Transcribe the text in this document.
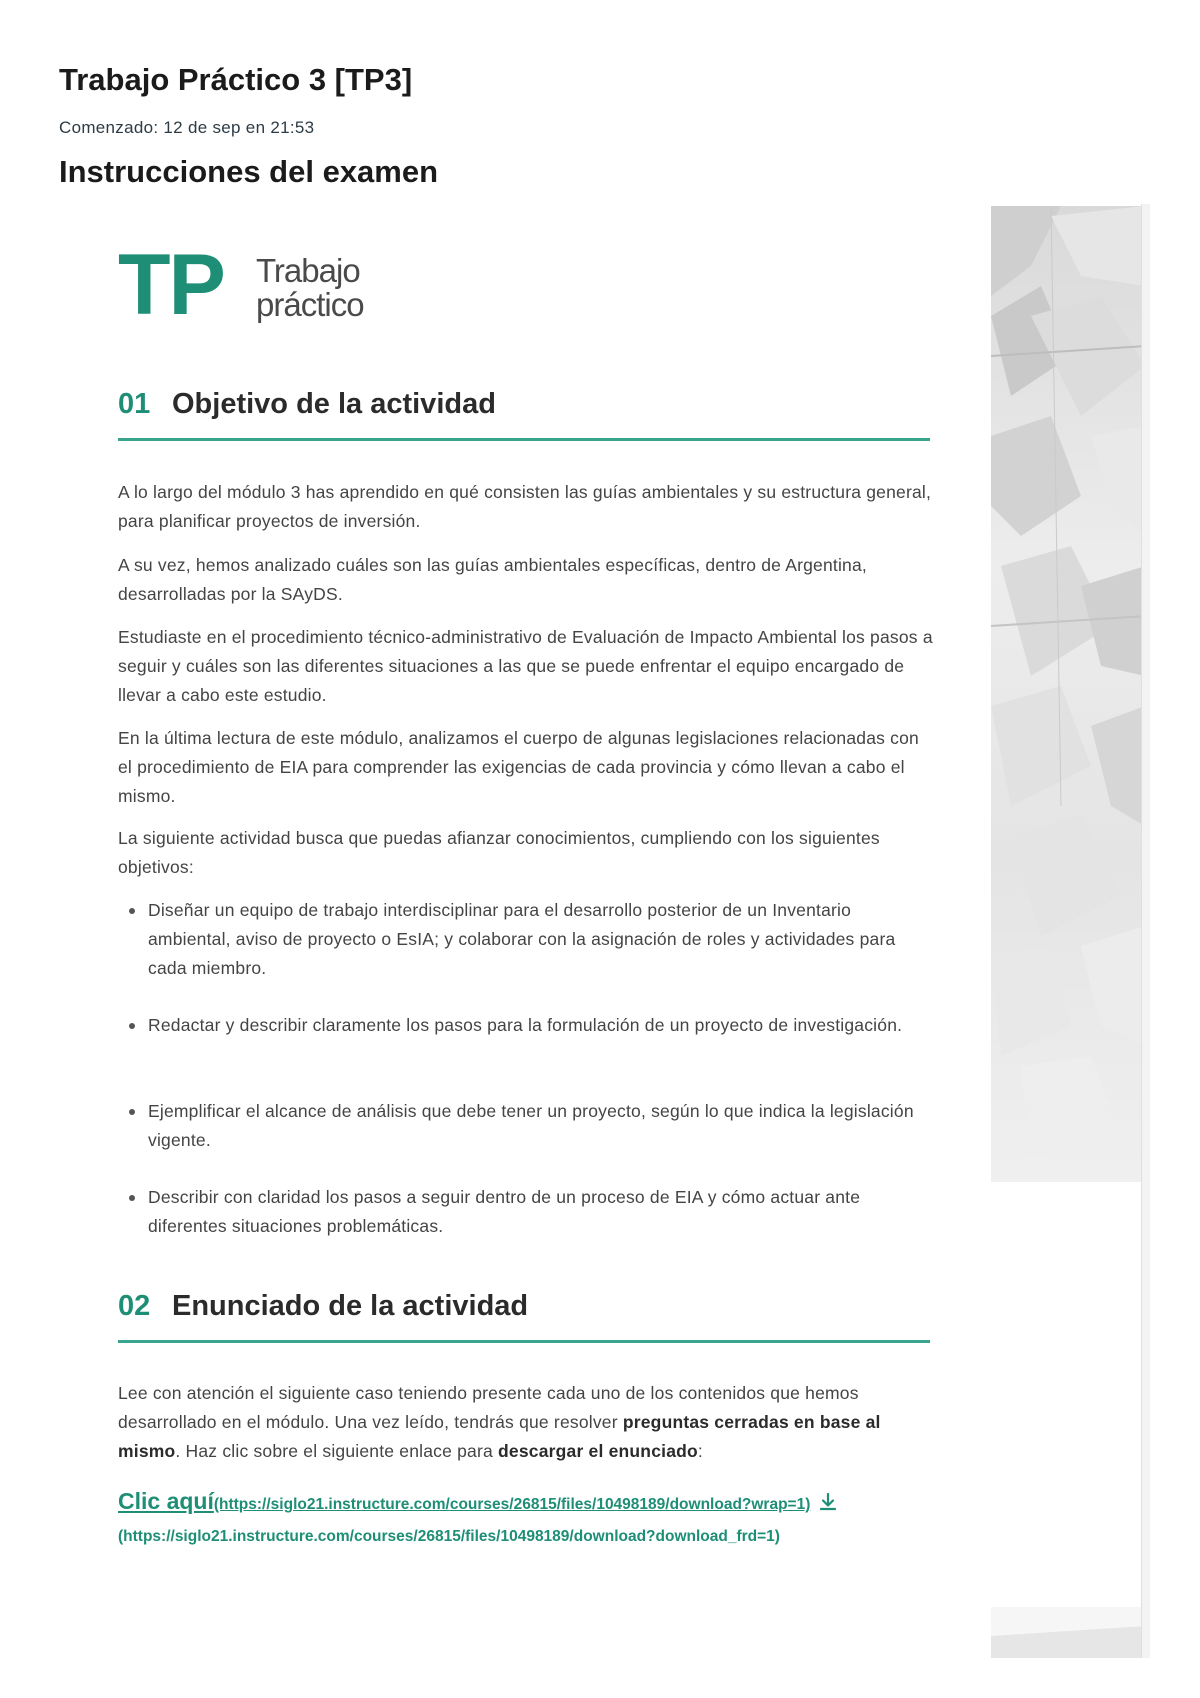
Trabajo Práctico 3 [TP3]
Comenzado: 12 de sep en 21:53
Instrucciones del examen
TP Trabajo
práctico
01 Objetivo de la actividad

A lo largo del módulo 3 has aprendido en qué consisten las guías ambientales y su estructura general, para planificar proyectos de inversión.

A su vez, hemos analizado cuáles son las guías ambientales específicas, dentro de Argentina, desarrolladas por la SAyDS.

Estudiaste en el procedimiento técnico-administrativo de Evaluación de Impacto Ambiental los pasos a seguir y cuáles son las diferentes situaciones a las que se puede enfrentar el equipo encargado de llevar a cabo este estudio.

En la última lectura de este módulo, analizamos el cuerpo de algunas legislaciones relacionadas con el procedimiento de EIA para comprender las exigencias de cada provincia y cómo llevan a cabo el mismo.

La siguiente actividad busca que puedas afianzar conocimientos, cumpliendo con los siguientes objetivos:

Diseñar un equipo de trabajo interdisciplinar para el desarrollo posterior de un Inventario ambiental, aviso de proyecto o EsIA; y colaborar con la asignación de roles y actividades para cada miembro.
Redactar y describir claramente los pasos para la formulación de un proyecto de investigación.
Ejemplificar el alcance de análisis que debe tener un proyecto, según lo que indica la legislación vigente.
Describir con claridad los pasos a seguir dentro de un proceso de EIA y cómo actuar ante diferentes situaciones problemáticas.
02 Enunciado de la actividad

Lee con atención el siguiente caso teniendo presente cada uno de los contenidos que hemos desarrollado en el módulo. Una vez leído, tendrás que resolver preguntas cerradas en base al mismo. Haz clic sobre el siguiente enlace para descargar el enunciado:

Clic aquí(https://siglo21.instructure.com/courses/26815/files/10498189/download?wrap=1)
(https://siglo21.instructure.com/courses/26815/files/10498189/download?download_frd=1)
